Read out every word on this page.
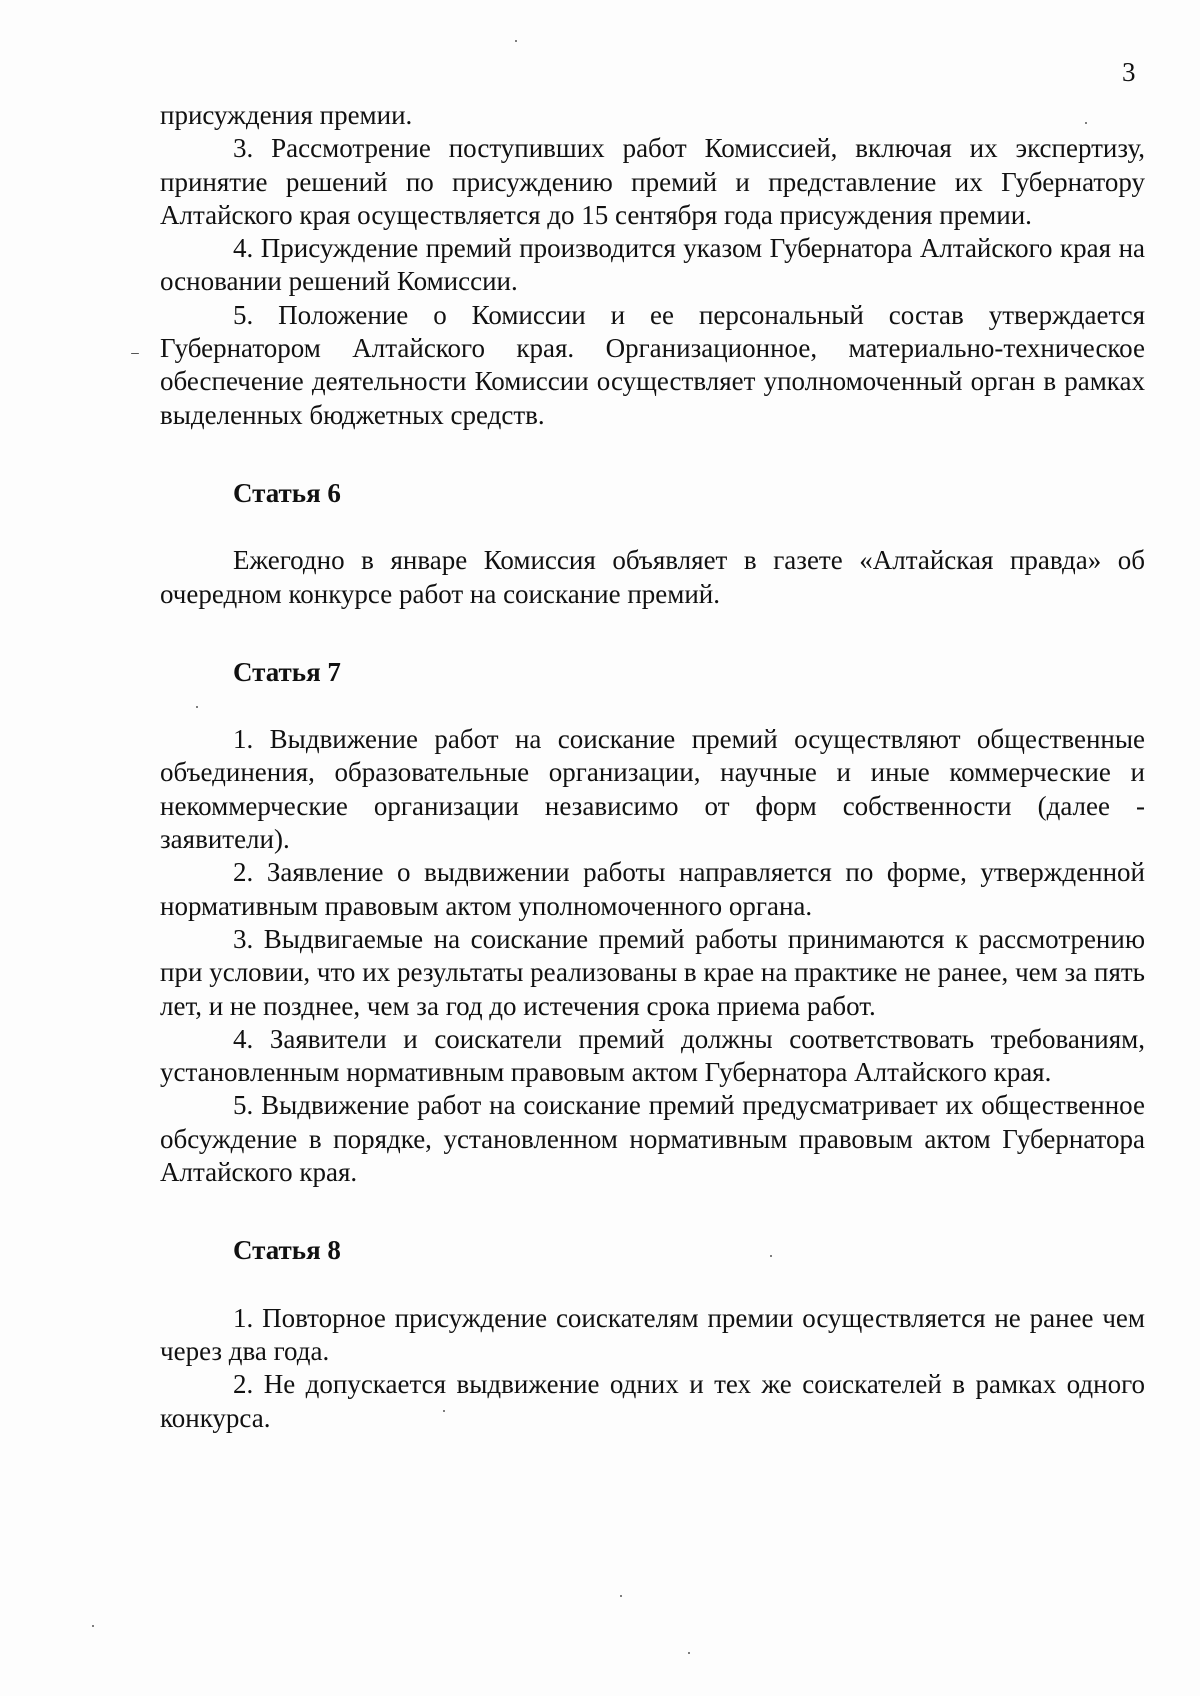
3

присуждения премии.

3. Рассмотрение поступивших работ Комиссией, включая их экспертизу, принятие решений по присуждению премий и представление их Губернатору Алтайского края осуществляется до 15 сентября года присуждения премии.

4. Присуждение премий производится указом Губернатора Алтайского края на основании решений Комиссии.

5. Положение о Комиссии и ее персональный состав утверждается Губернатором Алтайского края. Организационное, материально-техническое обеспечение деятельности Комиссии осуществляет уполномоченный орган в рамках выделенных бюджетных средств.

Статья 6

Ежегодно в январе Комиссия объявляет в газете «Алтайская правда» об очередном конкурсе работ на соискание премий.

Статья 7

1. Выдвижение работ на соискание премий осуществляют общественные объединения, образовательные организации, научные и иные коммерческие и некоммерческие организации независимо от форм собственности (далее - заявители).

2. Заявление о выдвижении работы направляется по форме, утвержденной нормативным правовым актом уполномоченного органа.

3. Выдвигаемые на соискание премий работы принимаются к рассмотрению при условии, что их результаты реализованы в крае на практике не ранее, чем за пять лет, и не позднее, чем за год до истечения срока приема работ.

4. Заявители и соискатели премий должны соответствовать требованиям, установленным нормативным правовым актом Губернатора Алтайского края.

5. Выдвижение работ на соискание премий предусматривает их общественное обсуждение в порядке, установленном нормативным правовым актом Губернатора Алтайского края.

Статья 8

1. Повторное присуждение соискателям премии осуществляется не ранее чем через два года.

2. Не допускается выдвижение одних и тех же соискателей в рамках одного конкурса.
